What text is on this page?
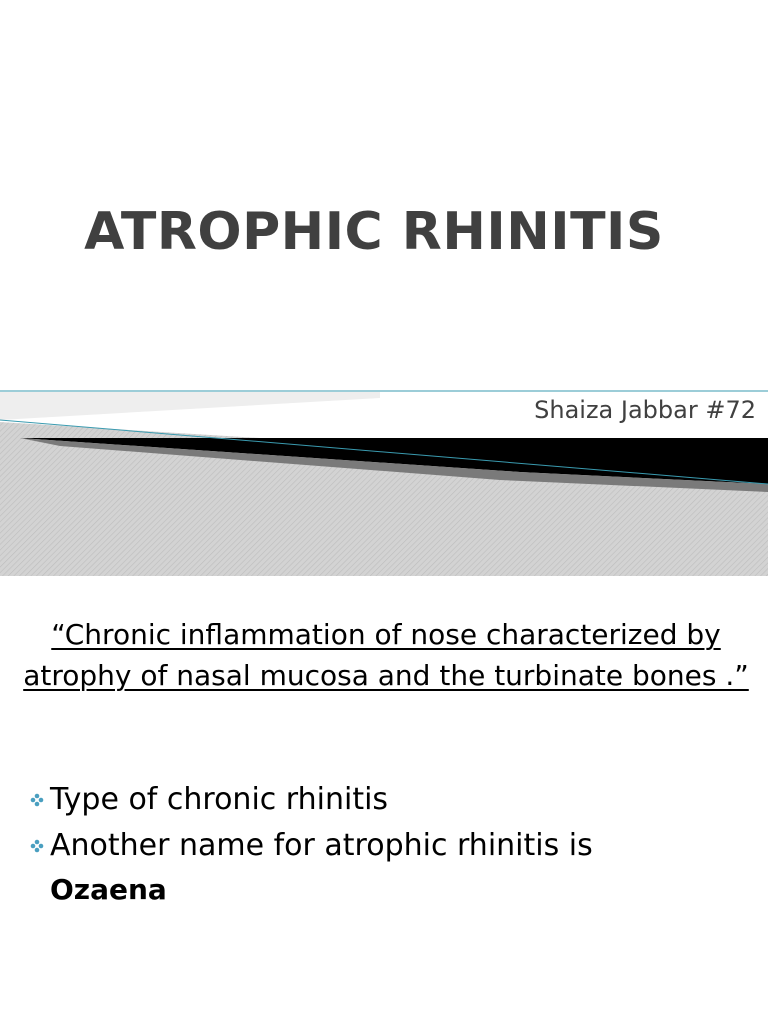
ATROPHIC RHINITIS
Shaiza Jabbar #72

“Chronic inflammation of nose characterized by atrophy of nasal mucosa and the turbinate bones .”

Type of chronic rhinitis
Another name for atrophic rhinitis is
Ozaena
